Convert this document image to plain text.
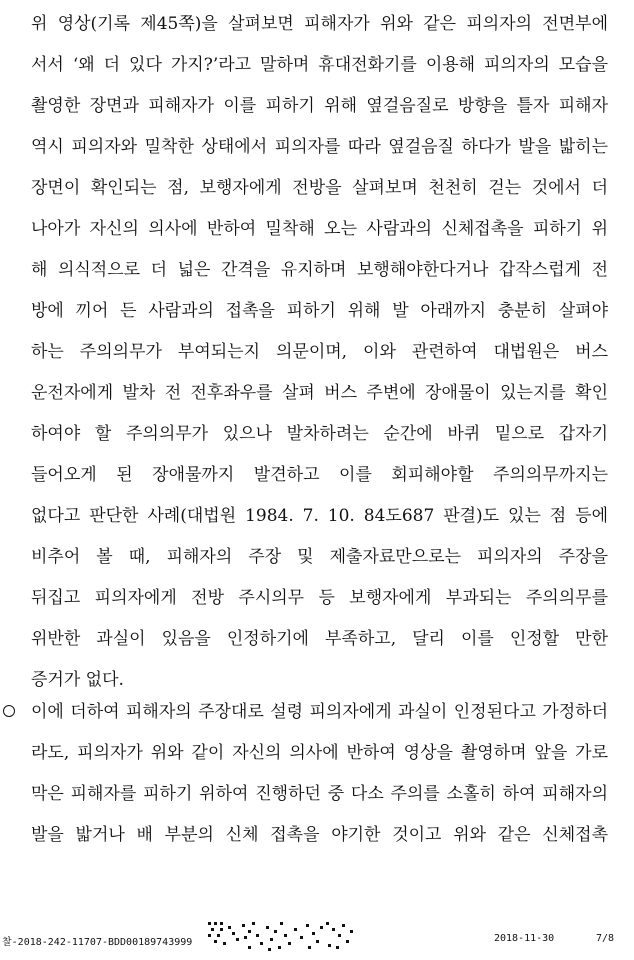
위 영상(기록 제45쪽)을 살펴보면 피해자가 위와 같은 피의자의 전면부에
서서 ‘왜 더 있다 가지?’라고 말하며 휴대전화기를 이용해 피의자의 모습을
촬영한 장면과 피해자가 이를 피하기 위해 옆걸음질로 방향을 틀자 피해자
역시 피의자와 밀착한 상태에서 피의자를 따라 옆걸음질 하다가 발을 밟히는
장면이 확인되는 점, 보행자에게 전방을 살펴보며 천천히 걷는 것에서 더
나아가 자신의 의사에 반하여 밀착해 오는 사람과의 신체접촉을 피하기 위
해 의식적으로 더 넓은 간격을 유지하며 보행해야한다거나 갑작스럽게 전
방에 끼어 든 사람과의 접촉을 피하기 위해 발 아래까지 충분히 살펴야
하는 주의의무가 부여되는지 의문이며, 이와 관련하여 대법원은 버스
운전자에게 발차 전 전후좌우를 살펴 버스 주변에 장애물이 있는지를 확인
하여야 할 주의의무가 있으나 발차하려는 순간에 바퀴 밑으로 갑자기
들어오게 된 장애물까지 발견하고 이를 회피해야할 주의의무까지는
없다고 판단한 사례(대법원 1984. 7. 10. 84도687 판결)도 있는 점 등에
비추어 볼 때, 피해자의 주장 및 제출자료만으로는 피의자의 주장을
뒤집고 피의자에게 전방 주시의무 등 보행자에게 부과되는 주의의무를
위반한 과실이 있음을 인정하기에 부족하고, 달리 이를 인정할 만한
증거가 없다.
이에 더하여 피해자의 주장대로 설령 피의자에게 과실이 인정된다고 가정하더
라도, 피의자가 위와 같이 자신의 의사에 반하여 영상을 촬영하며 앞을 가로
막은 피해자를 피하기 위하여 진행하던 중 다소 주의를 소홀히 하여 피해자의
발을 밟거나 배 부분의 신체 접촉을 야기한 것이고 위와 같은 신체접촉
찰-2018-242-11707-BDD00189743999	2018-11-30	7/8
